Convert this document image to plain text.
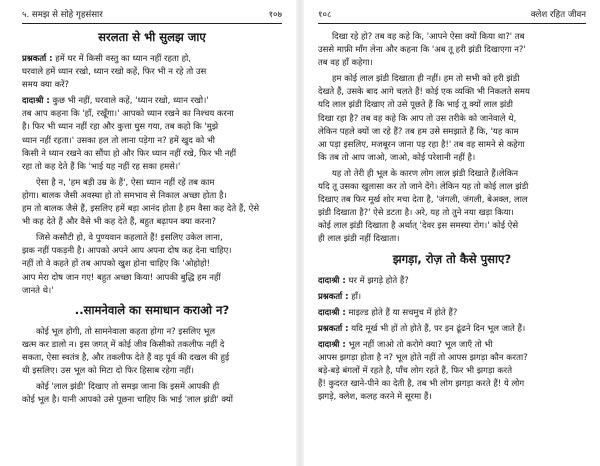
५. समझ से सोहे गृहसंसार	१०७
सरलता से भी सुलझ जाए

प्रश्नकर्ता : हमें घर में किसी वस्तु का ध्यान नहीं रहता हो,
घरवाले हमें ध्यान रखो, ध्यान रखो कहें, फिर भी न रहे तो उस
समय क्या करें?

दादाश्री : कुछ भी नहीं, घरवाले कहें, 'ध्यान रखो, ध्यान रखो।'
तब आप कहना कि 'हाँ, रखूँगा।' आपको ध्यान रखने का निश्चय करना
है। फिर भी ध्यान नहीं रहा और कुत्ता घुस गया, तब कहो कि 'मुझे
ध्यान नहीं रहता।' उसका हल तो लाना पड़ेगा न? हमें खुद को भी
किसी ने ध्यान रखने का सौंपा हो और फिर ध्यान नहीं रखे, फिर भी नहीं
रहा तो कह देते हैं कि 'भाई यह नहीं रह सका हमसे।'

ऐसा है न, 'हम बड़ी उम्र के हैं', ऐसा ध्यान नहीं रहें तब काम
होगा। बालक जैसी अवस्था हो तो समभाव से निकाल अच्छा होता है।
हम तो बालक जैसे हैं, इसलिए हमें बड़ा आनंद होता है हम वैसा कह देते हैं, ऐसे
भी कह देते हैं और वैसे भी कह देते हैं, बहुत बढ़ापन क्या करना?

जिसे कसौटी हो, वे पुण्यवान कहलाते हैं! इसलिए उकेल लाना,
झक नहीं पकड़नी है। आपको अपने आप अपना दोष कह देना चाहिए।
नहीं तो वे कहते हों तब आपको खुश होना चाहिए कि 'ओहोहो!
आप मेरा दोष जान गए! बहुत अच्छा किया! आपकी बुद्धि हम नहीं
जानते थे।'

..सामनेवाले का समाधान कराओ न?

कोई भूल होगी, तो सामनेवाला कहता होगा न? इसलिए भूल
खत्म कर डालो न। इस जगत् में कोई जीव किसीको तकलीफ नहीं दे
सकता, ऐसा स्वतंत्र है, और तकलीफ देते हैं वह पूर्व की दखल की हुई
थी इसलिए। उस भूल को मिटा दो फिर हिसाब रहेगा नहीं।

कोई 'लाल झंडी' दिखाए तो समझ जाना कि इसमें आपकी ही
कोई भूल है। यानी आपको उसे पूछना चाहिए कि भाई 'लाल झंडी' क्यों

१०८	क्लेश रहित जीवन

दिखा रहे हो? तब वह कहे कि, 'आपने ऐसा क्यों किया था?' तब
उससे माफ़ी माँग लेना और कहना कि 'अब तू हरी झंडी दिखाएगा न?'
तब वह हाँ कहेगा।

हम कोई लाल झंडी दिखाता ही नहीं। हम तो सभी को हरी झंडी
देखते हैं, उसके बाद आगे चलते हैं! कोई एक व्यक्ति भी निकलते समय
यदि लाल झंडी दिखाए तो उसे पूछते हैं कि भाई तू क्यों लाल झंडी
दिखा रहा है? तब वह कहे कि आप तो उस तरीके को जानेवाले थे,
लेकिन पहले क्यों जा रहे हैं? तब हम उसे समझाते हैं कि, 'यह काम
आ पड़ा इसलिए, मजबूरन जाना पड़ रहा है!' तब वह सामने से कहेगा
कि तब तो आप जाओ, जाओ, कोई परेशानी नहीं है।

यह तो तेरी ही भूल के कारण लोग लाल झंडी दिखाते हैं।लेकिन
यदि तू उसका खुलासा कर तो जाने देंगे। लेकिन यह तो कोई लाल झंडी
दिखाए तब फिर मूर्ख शोर मचा देता है, 'जंगली, जंगली, बेअक्ल, लाल
झंडी दिखाता है?' ऐसे डटता है। अरे, यह तो तुने नया खड़ा किया।
कोई लाल झंडी दिखाता है अर्थात् 'देवर इस समस्या रोग।' कोई ऐसे
ही लाल झंडी नहीं दिखाता।

झगड़ा, रोज़ तो कैसे पुसाए?

दादाश्री : घर में झगड़े होते हैं?

प्रश्नकर्ता : हाँ।

दादाश्री : माइल्ड होते हैं या सचमुच में होते हैं?

प्रश्नकर्ता : यदि मूर्ख भी हों तो होते हैं, पर इन ढूंढने दिन भूल जाते हैं।

दादाश्री : भूल नहीं जाओ तो करोगे क्या? भूल जाएँ तो भी
आपस झगड़ा होता है न? भूल होते नहीं तो आपस झगड़ा कौन करता?
बड़े-बड़े बंगलों में रहते है, पाँच लोग रहते हैं, फिर भी झगड़ा करते
हैं! कुदरत खाने-पीने का देती है, तब भी लोग झगड़ा करते हैं! ये लोग
झगड़े, क्लेश, कलह करने में सूरमा हैं।
